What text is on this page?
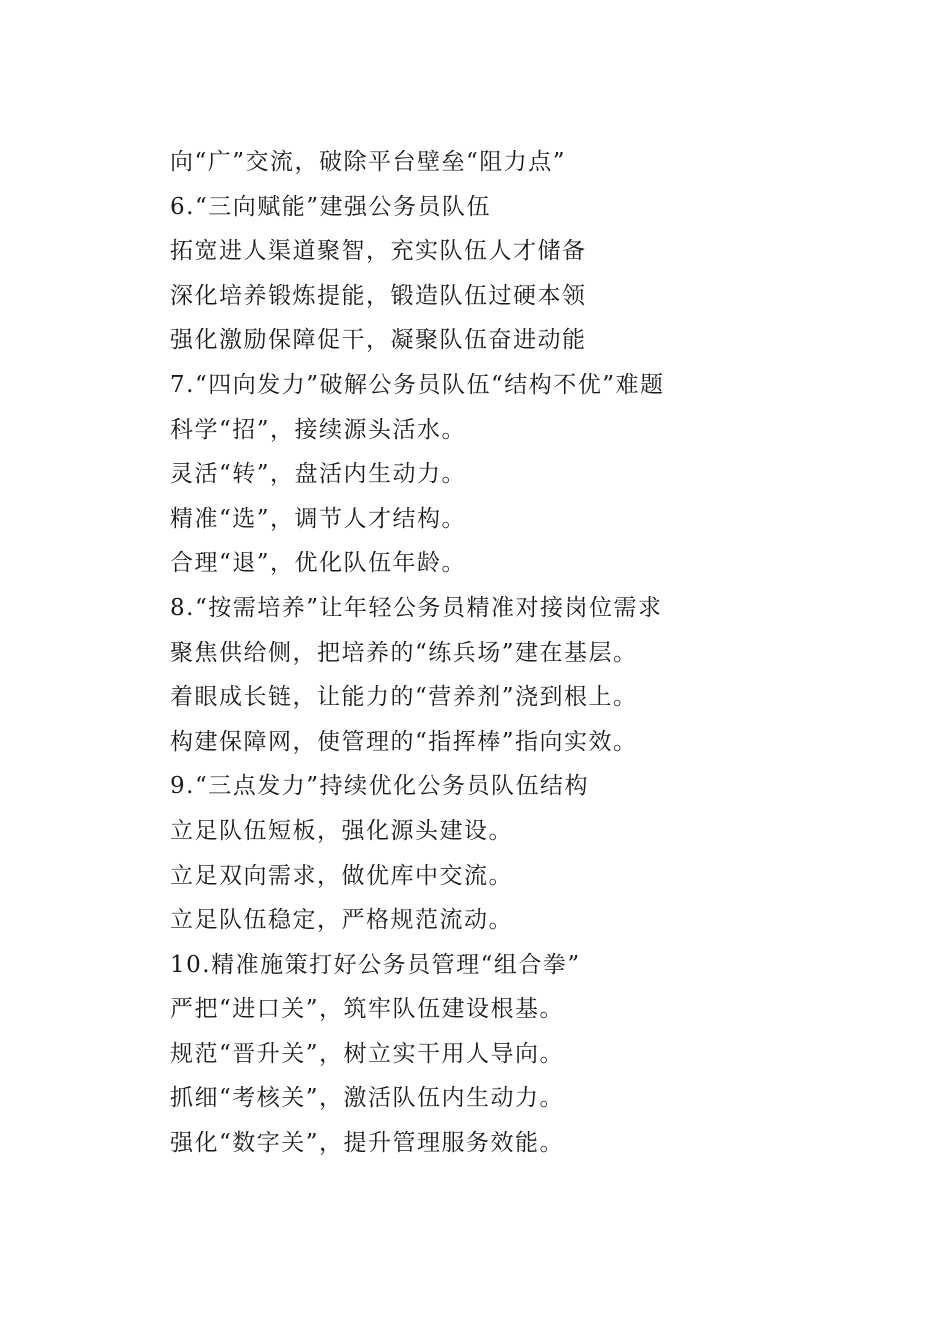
向“广”交流，破除平台壁垒“阻力点”
6.“三向赋能”建强公务员队伍
拓宽进人渠道聚智，充实队伍人才储备
深化培养锻炼提能，锻造队伍过硬本领
强化激励保障促干，凝聚队伍奋进动能
7.“四向发力”破解公务员队伍“结构不优”难题
科学“招”，接续源头活水。
灵活“转”，盘活内生动力。
精准“选”，调节人才结构。
合理“退”，优化队伍年龄。
8.“按需培养”让年轻公务员精准对接岗位需求
聚焦供给侧，把培养的“练兵场”建在基层。
着眼成长链，让能力的“营养剂”浇到根上。
构建保障网，使管理的“指挥棒”指向实效。
9.“三点发力”持续优化公务员队伍结构
立足队伍短板，强化源头建设。
立足双向需求，做优库中交流。
立足队伍稳定，严格规范流动。
10.精准施策打好公务员管理“组合拳”
严把“进口关”，筑牢队伍建设根基。
规范“晋升关”，树立实干用人导向。
抓细“考核关”，激活队伍内生动力。
强化“数字关”，提升管理服务效能。
